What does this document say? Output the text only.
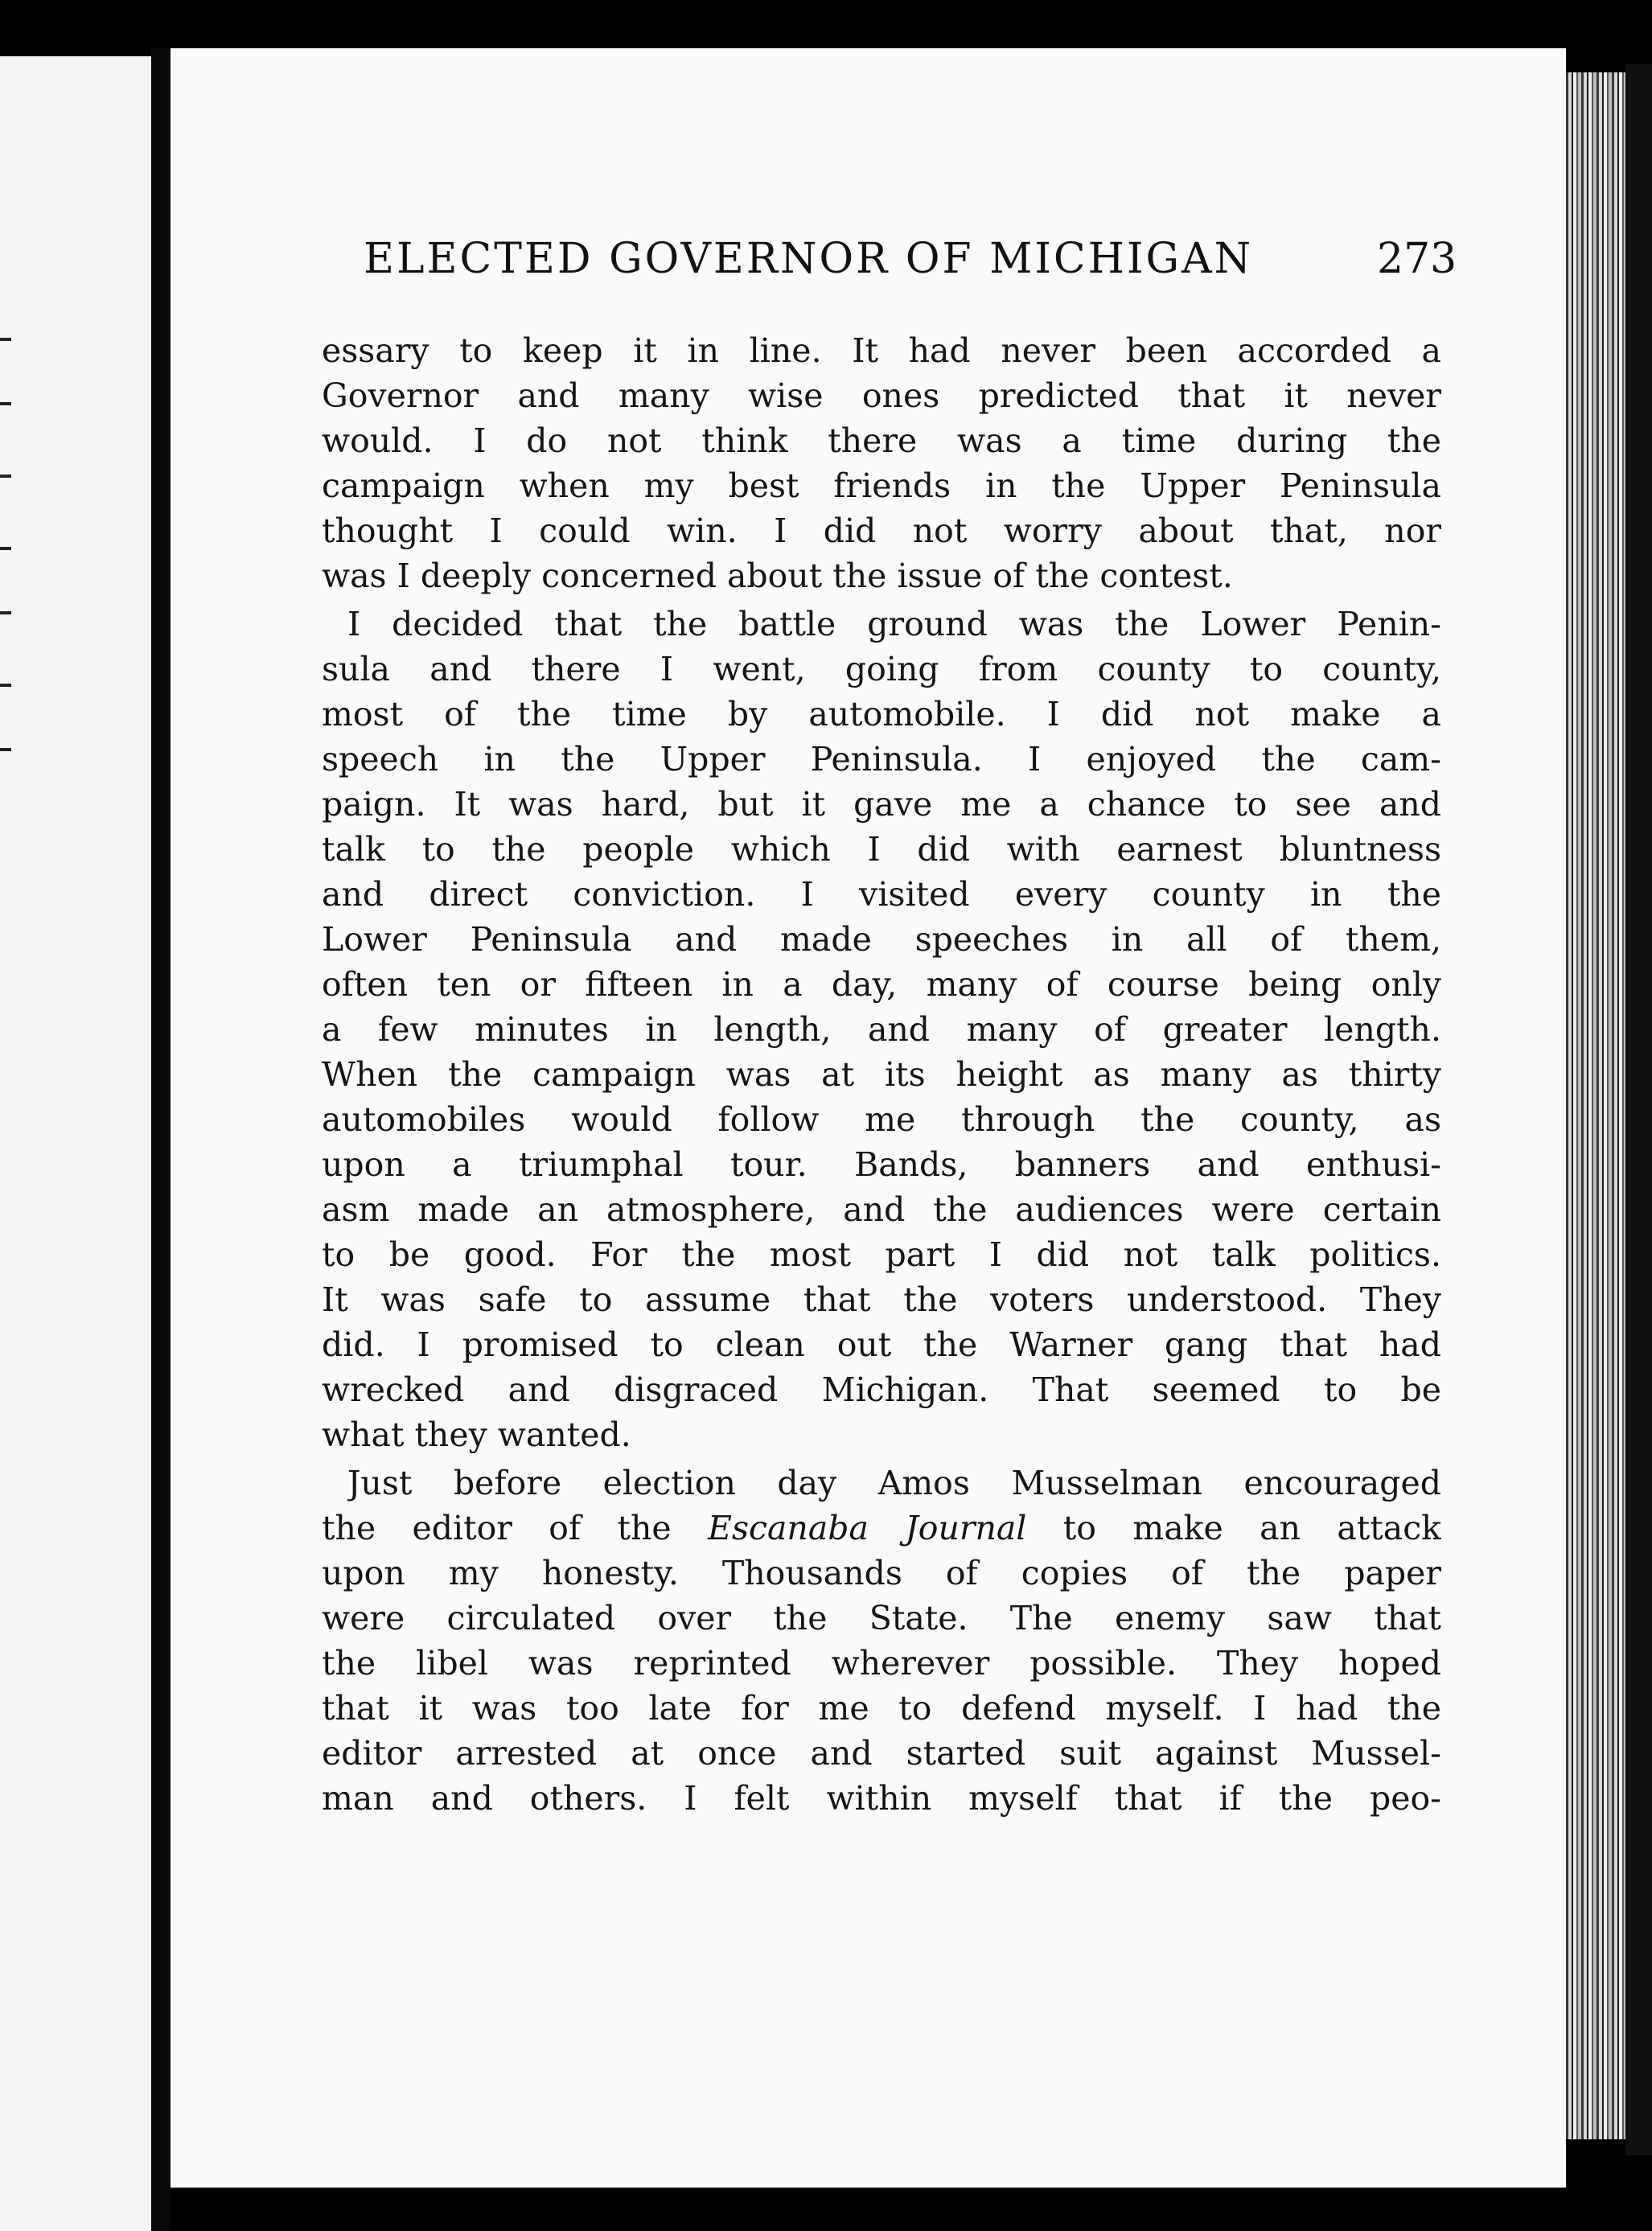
ELECTED GOVERNOR OF MICHIGAN	273
essary to keep it in line. It had never been accorded a
Governor and many wise ones predicted that it never
would. I do not think there was a time during the
campaign when my best friends in the Upper Peninsula
thought I could win. I did not worry about that, nor
was I deeply concerned about the issue of the contest.
I decided that the battle ground was the Lower Penin-
sula and there I went, going from county to county,
most of the time by automobile. I did not make a
speech in the Upper Peninsula. I enjoyed the cam-
paign. It was hard, but it gave me a chance to see and
talk to the people which I did with earnest bluntness
and direct conviction. I visited every county in the
Lower Peninsula and made speeches in all of them,
often ten or fifteen in a day, many of course being only
a few minutes in length, and many of greater length.
When the campaign was at its height as many as thirty
automobiles would follow me through the county, as
upon a triumphal tour. Bands, banners and enthusi-
asm made an atmosphere, and the audiences were certain
to be good. For the most part I did not talk politics.
It was safe to assume that the voters understood. They
did. I promised to clean out the Warner gang that had
wrecked and disgraced Michigan. That seemed to be
what they wanted.
Just before election day Amos Musselman encouraged
the editor of the Escanaba Journal to make an attack
upon my honesty. Thousands of copies of the paper
were circulated over the State. The enemy saw that
the libel was reprinted wherever possible. They hoped
that it was too late for me to defend myself. I had the
editor arrested at once and started suit against Mussel-
man and others. I felt within myself that if the peo-
